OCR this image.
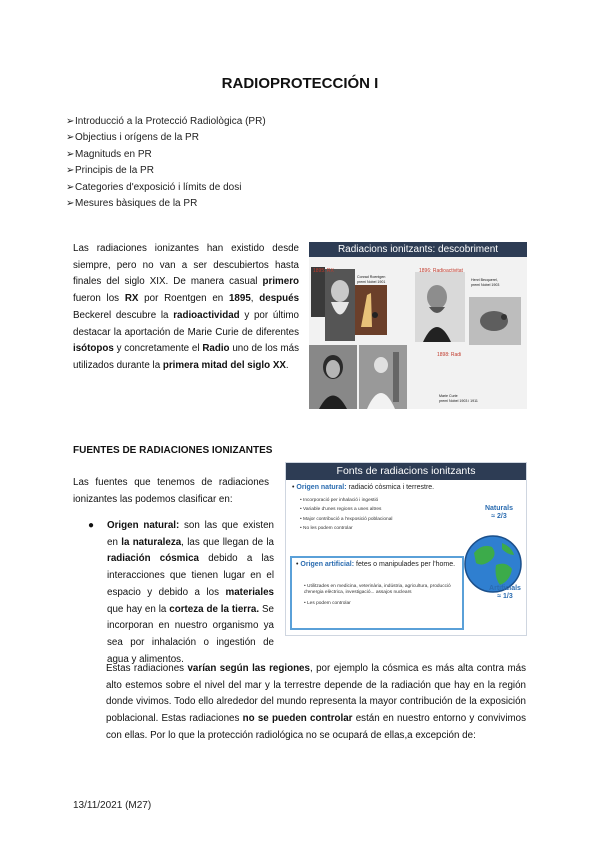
RADIOPROTECCIÓN I
➢Introducció a la Protecció Radiològica (PR)
➢Objectius i orígens de la PR
➢Magnituds en PR
➢Principis de la PR
➢Categories d'exposició i límits de dosi
➢Mesures bàsiques de la PR
Las radiaciones ionizantes han existido desde siempre, pero no van a ser descubiertos hasta finales del siglo XIX. De manera casual primero fueron los RX por Roentgen en 1895, después Beckerel descubre la radioactividad y por último destacar la aportación de Marie Curie de diferentes isótopos y concretamente el Radio uno de los más utilizados durante la primera mitad del siglo XX.
Radiacions ionitzants: descobriment
1895: RX
Conrad Roentgen
premi Nobel 1901
1896: Radioactivitat
Henri Becquerel,
premi Nobel 1903
1898: Radi
Marie Curie
premi Nobel 1903 i 1911
FUENTES DE RADIACIONES IONIZANTES
Las fuentes que tenemos de radiaciones ionizantes las podemos clasificar en:
● Origen natural: son las que existen en la naturaleza, las que llegan de la radiación cósmica debido a las interacciones que tienen lugar en el espacio y debido a los materiales que hay en la corteza de la tierra. Se incorporan en nuestro organismo ya sea por inhalación o ingestión de agua y alimentos.
Fonts de radiacions ionitzants
• Origen natural: radiació còsmica i terrestre.
• Incorporació per inhalació i ingestió
• Variable d'unes regions a unes altres
• Major contribució a l'exposició poblacional
• No les podem controlar
• Origen artificial: fetes o manipulades per l'home.
• Utilitzades en medicina, veterinària, indústria, agricultura, producció d'energia elèctrica, investigació... assajos nuclears
• Les podem controlar
Naturals
≈ 2/3
Artificials
≈ 1/3
Estas radiaciones varían según las regiones, por ejemplo la cósmica es más alta contra más alto estemos sobre el nivel del mar y la terrestre depende de la radiación que hay en la región donde vivimos. Todo ello alrededor del mundo representa la mayor contribución de la exposición poblacional. Estas radiaciones no se pueden controlar están en nuestro entorno y convivimos con ellas. Por lo que la protección radiológica no se ocupará de ellas,a excepción de:
13/11/2021 (M27)
